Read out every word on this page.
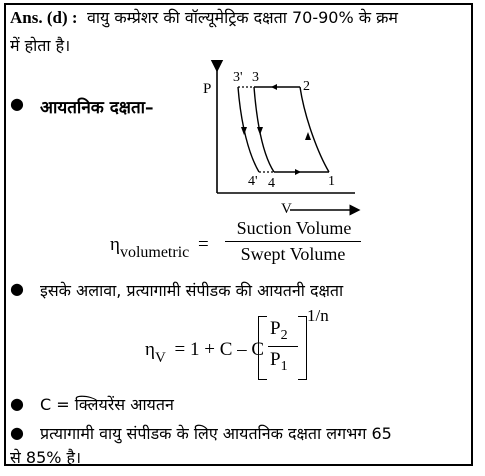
Ans. (d) : वायु कम्प्रेशर की वॉल्यूमेट्रिक दक्षता 70-90% के क्रम
में होता है।
● आयतनिक दक्षता–
P
3' 3
2
4' 4	1
V
$\eta_{volumetric}$ =
Suction Volume
Swept Volume
● इसके अलावा, प्रत्यागामी संपीडक की आयतनी दक्षता
$\eta_V = 1 + C - C$
$P_2$
$P_1$
1/n
● C = क्लियरेंस आयतन
● प्रत्यागामी वायु संपीडक के लिए आयतनिक दक्षता लगभग 65
से 85% है।
